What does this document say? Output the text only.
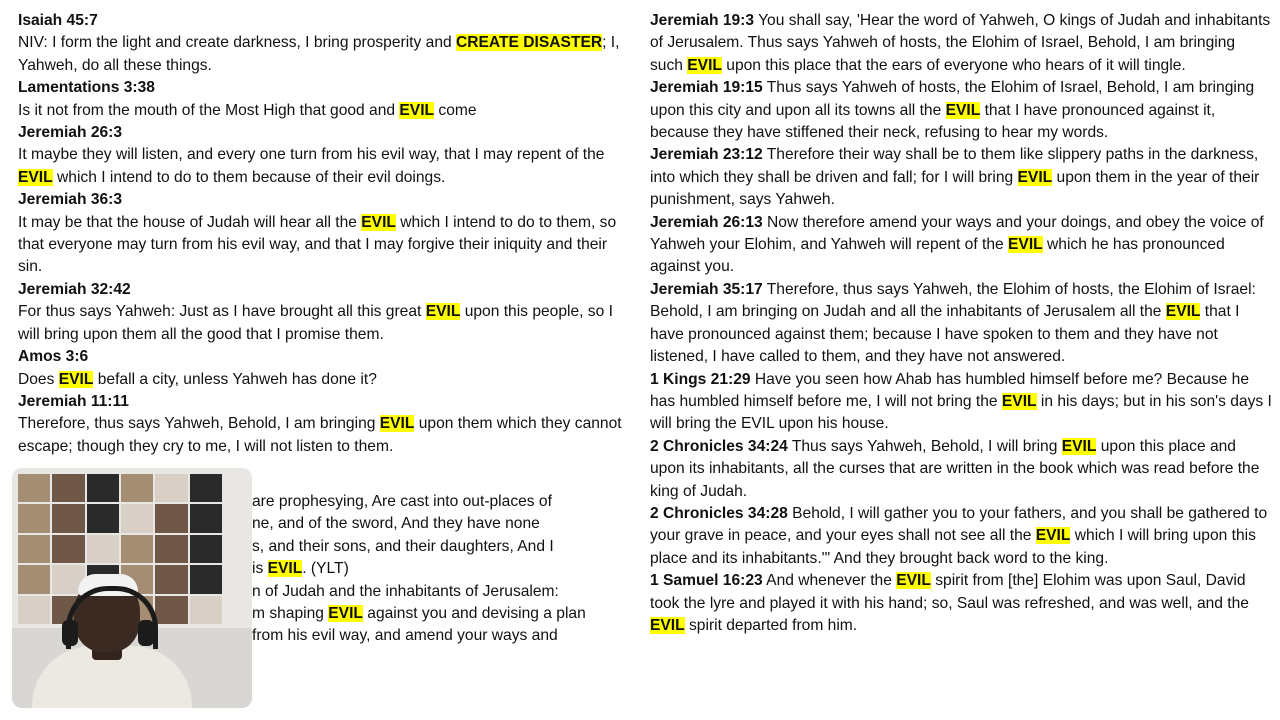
Isaiah 45:7
NIV: I form the light and create darkness, I bring prosperity and CREATE DISASTER; I, Yahweh, do all these things.
Lamentations 3:38
Is it not from the mouth of the Most High that good and EVIL come
Jeremiah 26:3
It maybe they will listen, and every one turn from his evil way, that I may repent of the EVIL which I intend to do to them because of their evil doings.
Jeremiah 36:3
It may be that the house of Judah will hear all the EVIL which I intend to do to them, so that everyone may turn from his evil way, and that I may forgive their iniquity and their sin.
Jeremiah 32:42
For thus says Yahweh: Just as I have brought all this great EVIL upon this people, so I will bring upon them all the good that I promise them.
Amos 3:6
Does EVIL befall a city, unless Yahweh has done it?
Jeremiah 11:11
Therefore, thus says Yahweh, Behold, I am bringing EVIL upon them which they cannot escape; though they cry to me, I will not listen to them.
Jeremiah 19:3 You shall say, 'Hear the word of Yahweh, O kings of Judah and inhabitants of Jerusalem. Thus says Yahweh of hosts, the Elohim of Israel, Behold, I am bringing such EVIL upon this place that the ears of everyone who hears of it will tingle.
Jeremiah 19:15 Thus says Yahweh of hosts, the Elohim of Israel, Behold, I am bringing upon this city and upon all its towns all the EVIL that I have pronounced against it, because they have stiffened their neck, refusing to hear my words.
Jeremiah 23:12 Therefore their way shall be to them like slippery paths in the darkness, into which they shall be driven and fall; for I will bring EVIL upon them in the year of their punishment, says Yahweh.
Jeremiah 26:13 Now therefore amend your ways and your doings, and obey the voice of Yahweh your Elohim, and Yahweh will repent of the EVIL which he has pronounced against you.
Jeremiah 35:17 Therefore, thus says Yahweh, the Elohim of hosts, the Elohim of Israel: Behold, I am bringing on Judah and all the inhabitants of Jerusalem all the EVIL that I have pronounced against them; because I have spoken to them and they have not listened, I have called to them, and they have not answered.
1 Kings 21:29 Have you seen how Ahab has humbled himself before me? Because he has humbled himself before me, I will not bring the EVIL in his days; but in his son's days I will bring the EVIL upon his house.
2 Chronicles 34:24 Thus says Yahweh, Behold, I will bring EVIL upon this place and upon its inhabitants, all the curses that are written in the book which was read before the king of Judah.
2 Chronicles 34:28 Behold, I will gather you to your fathers, and you shall be gathered to your grave in peace, and your eyes shall not see all the EVIL which I will bring upon this place and its inhabitants.'" And they brought back word to the king.
1 Samuel 16:23 And whenever the EVIL spirit from [the] Elohim was upon Saul, David took the lyre and played it with his hand; so, Saul was refreshed, and was well, and the EVIL spirit departed from him.
are prophesying, Are cast into out-places of
ne, and of the sword, And they have none
s, and their sons, and their daughters, And I
is EVIL. (YLT)
n of Judah and the inhabitants of Jerusalem:
m shaping EVIL against you and devising a plan
from his evil way, and amend your ways and
